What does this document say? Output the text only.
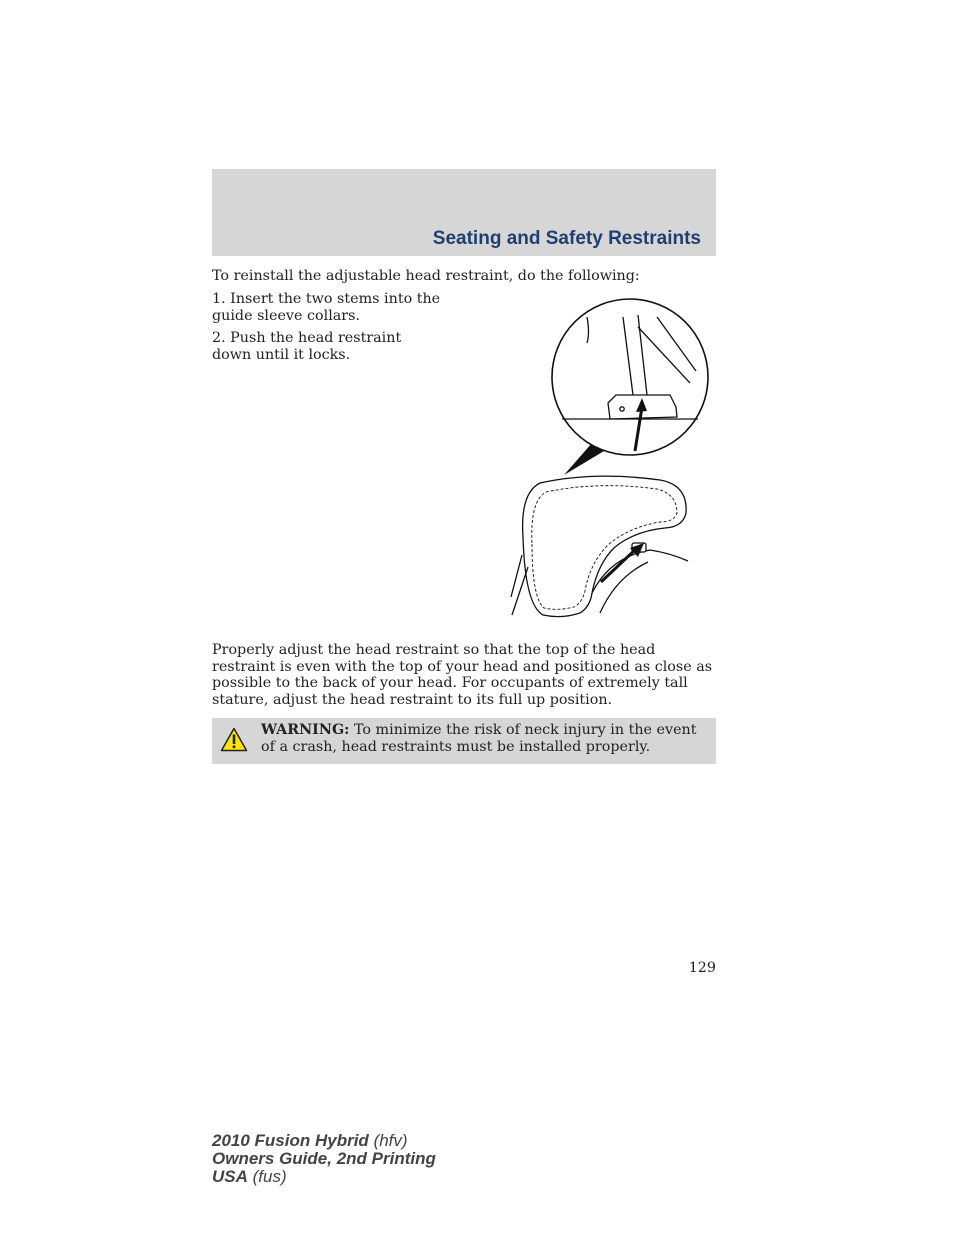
Seating and Safety Restraints

To reinstall the adjustable head restraint, do the following:

1. Insert the two stems into the guide sleeve collars.

2. Push the head restraint down until it locks.

Properly adjust the head restraint so that the top of the head restraint is even with the top of your head and positioned as close as possible to the back of your head. For occupants of extremely tall stature, adjust the head restraint to its full up position.

WARNING: To minimize the risk of neck injury in the event of a crash, head restraints must be installed properly.

129

2010 Fusion Hybrid (hfv)
Owners Guide, 2nd Printing
USA (fus)
